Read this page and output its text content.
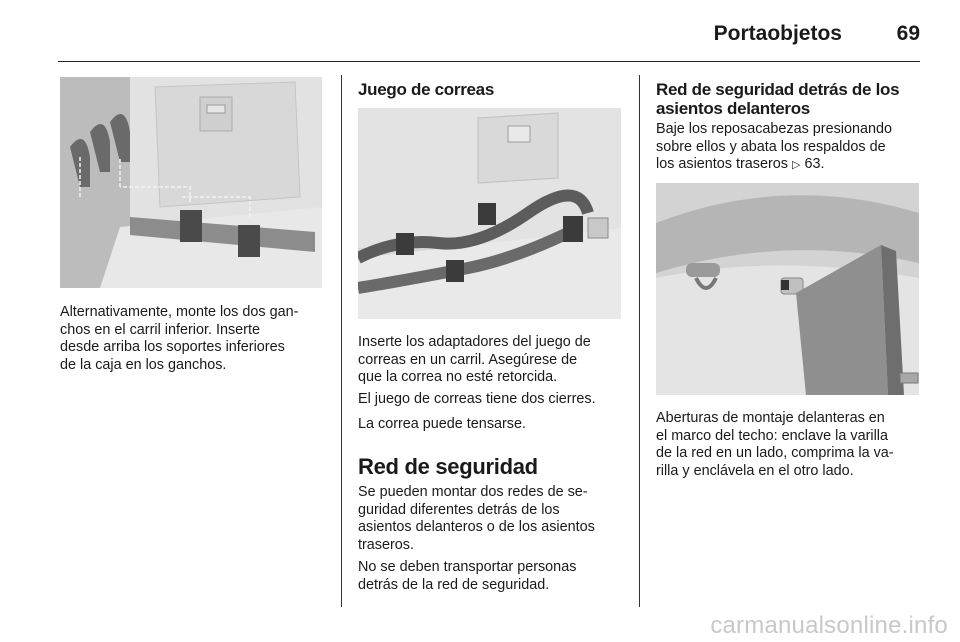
Portaobjetos	69
Alternativamente, monte los dos gan-
chos en el carril inferior. Inserte
desde arriba los soportes inferiores
de la caja en los ganchos.
Juego de correas
Inserte los adaptadores del juego de
correas en un carril. Asegúrese de
que la correa no esté retorcida.
El juego de correas tiene dos cierres.
La correa puede tensarse.
Red de seguridad
Se pueden montar dos redes de se-
guridad diferentes detrás de los
asientos delanteros o de los asientos
traseros.
No se deben transportar personas
detrás de la red de seguridad.
Red de seguridad detrás de los
asientos delanteros
Baje los reposacabezas presionando
sobre ellos y abata los respaldos de
los asientos traseros ▷ 63.
Aberturas de montaje delanteras en
el marco del techo: enclave la varilla
de la red en un lado, comprima la va-
rilla y enclávela en el otro lado.
carmanualsonline.info
